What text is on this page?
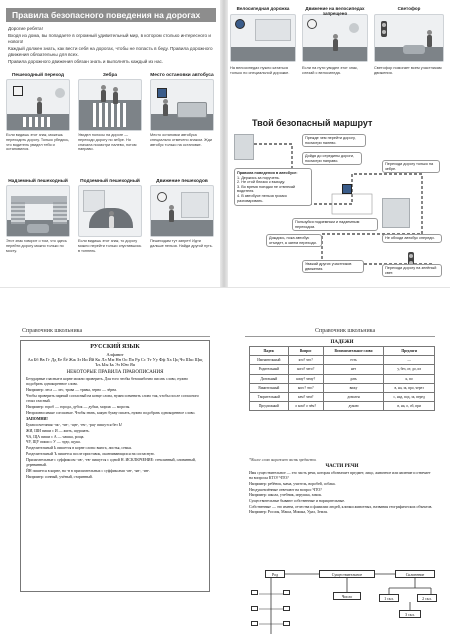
Правила безопасного поведения на дорогах

Дорогие ребята!

Входя из дома, вы попадаете в огромный удивительный мир, в котором столько интересного и нового!

Каждый должен знать, как вести себя на дорогах, чтобы не попасть в беду. Правила дорожного движения обязательны для всех.

Правила дорожного движения обязан знать и выполнять каждый из нас.

Пешеходный переход
Если видишь этот знак, можешь переходить дорогу. Только убедись, что водитель увидел тебя и остановился.
Зебра
Увидел полосы на дороге — переходи дорогу по зебре. Но сначала посмотри налево, потом направо.
Место остановки автобуса
Место остановки автобуса специально отмечено знаком. Жди автобус только на остановке.
Надземный пешеходный
Этот знак говорит о том, что здесь перейти дорогу можно только по мосту.
Подземный пешеходный
Если видишь этот знак, то дорогу можно перейти только спустившись в тоннель.
Движение пешеходов
Пешеходам тут запрет! Идти дальше нельзя. Найди другой путь.
Велосипедная дорожка
На велосипедах нужно кататься только по специальной дорожке.
Движение на велосипедах запрещено
Если на пути увидел этот знак, слезай с велосипеда.
Светофор
Светофор помогает всем участникам движения.
Твой безопасный маршрут
Правила поведения в автобусе:
1. Держись за поручень.
2. Не стой близко к выходу.
3. Во время поездки не отвлекай водителя.
4. В автобусе нельзя громко разговаривать.
Прежде чем перейти дорогу, посмотри налево.
Дойдя до середины дороги, посмотри направо.
Переходи дорогу только на зебре.
Не обходи автобус спереди.
Пользуйся подземным и надземным переходом.
Дождись, пока автобус отъедет, а затем переходи.
Уважай других участников движения.	Переходи дорогу на зелёный свет.
Справочник школьника
РУССКИЙ ЯЗЫК
Алфавит
Аа Бб Вв Гг Дд Ее Ёё Жж Зз Ии Йй Кк Лл Мм Нн Оо Пп Рр Сс Тт Уу Фф Хх Цц Чч Шш Щщ Ъъ Ыы Ьь Ээ Юю Яя
НЕКОТОРЫЕ ПРАВИЛА ПРАВОПИСАНИЯ

Безударные гласные в корне можно проверить. Для того чтобы безошибочно писать слово, нужно подобрать однокоренное слово.

Например: леса — лес, трава — травы, зерно — зёрна.

Чтобы проверить парный согласный на конце слова, нужно изменить слово так, чтобы после согласного стоял гласный.

Например: гороб — города, дубок — дубки, морож — морозы.

Непроизносимые согласные. Чтобы знать, какую букву писать, нужно подобрать однокоренное слово.

ЗАПОМНИ!

Буквосочетания -чк-, -чн-, -щн-, -нч-, -рщ- пишутся без Ь!

ЖИ, ШИ пиши с И — жить, шуршать.

ЧА, ЩА пиши с А — чашка, роща.

ЧУ, ЩУ пиши с У — чудо, щука.

Разделительный Ь пишется в корне слова: вьюга, листья, семья.

Разделительный Ъ пишется после приставок, оканчивающихся на согласную.

Прилагательные с суффиксом -ов-, -ев- пишутся с одной Н. ИСКЛЮЧЕНИЕ: стеклянный, оловянный, деревянный.

ЙН пишется в корне, на -н в прилагательных с суффиксами -ан-, -ян-, -ин-.

Например: сонный, учёный, старинный.

Справочник школьника
ПАДЕЖИ
Падеж	Вопрос	Вспомогательное слово	Предлоги
Именительный	кто? что?	есть	—
Родительный	кого? чего?	нет	у, без, от, до, из
Дательный	кому? чему?	дать	к, по
Винительный	кого? что?	вижу	в, на, за, про, через
Творительный	кем? чем?	доволен	с, над, под, за, перед
Предложный	о ком? о чём?	думаю	в, на, о, об, при
*Жилое слово выражает часть предметов.
ЧАСТИ РЕЧИ

Имя существительное — это часть речи, которая обозначает предмет, лицо, животное или явление и отвечает на вопросы КТО? ЧТО?

Например: ребёнок, мама, учитель, воробей, собака.

Неодушевлённые отвечают на вопрос ЧТО?

Например: школа, учебник, игрушка, замок.

Существительные бывают собственные и нарицательные.

Собственные — это имена, отчества и фамилии людей, клички животных, названия географических объектов.

Например: Россия, Маша, Мишка, Урал, Земля.

Род	Существительное	Склонение
Число	1 скл.	2 скл.
3 скл.
